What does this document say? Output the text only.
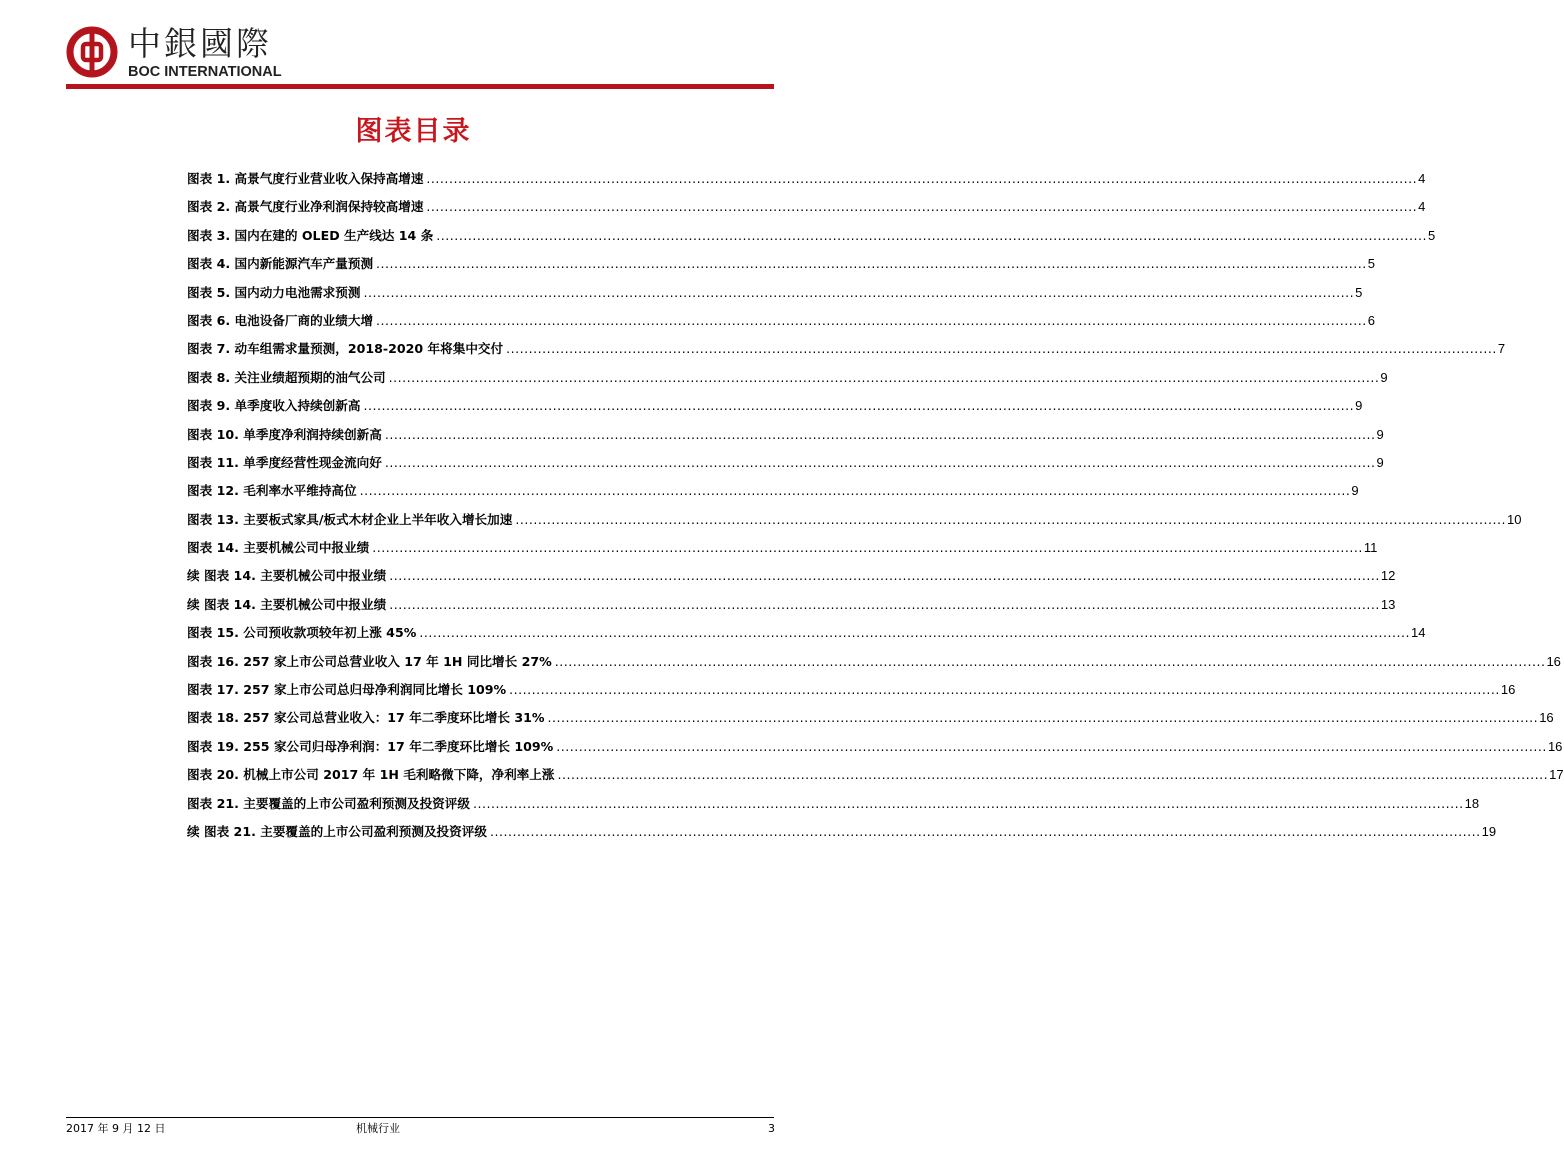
中銀國際
BOC INTERNATIONAL
图表目录
图表 1. 高景气度行业营业收入保持高增速 ............................................................................................................................................................................................................................ 4
图表 2. 高景气度行业净利润保持较高增速 ............................................................................................................................................................................................................................ 4
图表 3. 国内在建的 OLED 生产线达 14 条 ............................................................................................................................................................................................................................ 5
图表 4. 国内新能源汽车产量预测 ............................................................................................................................................................................................................................ 5
图表 5. 国内动力电池需求预测 ............................................................................................................................................................................................................................ 5
图表 6. 电池设备厂商的业绩大增 ............................................................................................................................................................................................................................ 6
图表 7. 动车组需求量预测，2018-2020 年将集中交付 ............................................................................................................................................................................................................................ 7
图表 8. 关注业绩超预期的油气公司 ............................................................................................................................................................................................................................ 9
图表 9. 单季度收入持续创新高 ............................................................................................................................................................................................................................ 9
图表 10. 单季度净利润持续创新高 ............................................................................................................................................................................................................................ 9
图表 11. 单季度经营性现金流向好 ............................................................................................................................................................................................................................ 9
图表 12. 毛利率水平维持高位 ............................................................................................................................................................................................................................ 9
图表 13. 主要板式家具/板式木材企业上半年收入增长加速 ............................................................................................................................................................................................................................ 10
图表 14. 主要机械公司中报业绩 ............................................................................................................................................................................................................................ 11
续 图表 14. 主要机械公司中报业绩 ............................................................................................................................................................................................................................ 12
续 图表 14. 主要机械公司中报业绩 ............................................................................................................................................................................................................................ 13
图表 15. 公司预收款项较年初上涨 45% ............................................................................................................................................................................................................................ 14
图表 16. 257 家上市公司总营业收入 17 年 1H 同比增长 27% ............................................................................................................................................................................................................................ 16
图表 17. 257 家上市公司总归母净利润同比增长 109% ............................................................................................................................................................................................................................ 16
图表 18. 257 家公司总营业收入：17 年二季度环比增长 31% ............................................................................................................................................................................................................................ 16
图表 19. 255 家公司归母净利润：17 年二季度环比增长 109% ............................................................................................................................................................................................................................ 16
图表 20. 机械上市公司 2017 年 1H 毛利略微下降，净利率上涨 ............................................................................................................................................................................................................................ 17
图表 21. 主要覆盖的上市公司盈利预测及投资评级 ............................................................................................................................................................................................................................ 18
续 图表 21. 主要覆盖的上市公司盈利预测及投资评级 ............................................................................................................................................................................................................................ 19
2017 年 9 月 12 日	机械行业	3
